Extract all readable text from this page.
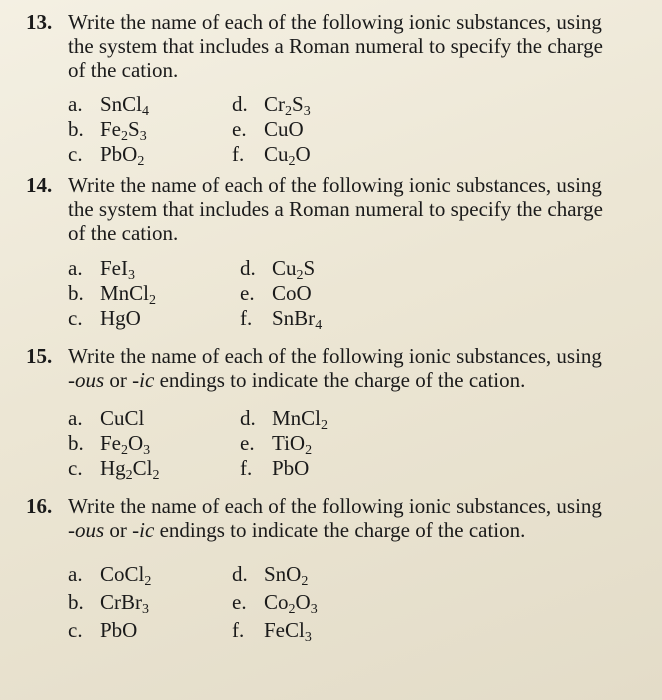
13. Write the name of each of the following ionic substances, using
the system that includes a Roman numeral to specify the charge
of the cation.
a. SnCl$_4$
b. $Fe_2S_3$
c. PbO$_2$
d. $Cr_2S_3$
e. CuO
f. $Cu_2O$
14. Write the name of each of the following ionic substances, using
the system that includes a Roman numeral to specify the charge
of the cation.
a. FeI$_3$
b. MnCl$_2$
c. HgO
d. $Cu_2S$
e. CoO
f. SnBr$_4$
15. Write the name of each of the following ionic substances, using
-ous or -ic endings to indicate the charge of the cation.
a. CuCl
b. $Fe_2O_3$
c. $Hg_2Cl_2$
d. MnCl$_2$
e. TiO$_2$
f. PbO
16. Write the name of each of the following ionic substances, using
-ous or -ic endings to indicate the charge of the cation.
a. CoCl$_2$
b. CrBr$_3$
c. PbO
d. SnO$_2$
e. $Co_2O_3$
f. FeCl$_3$
